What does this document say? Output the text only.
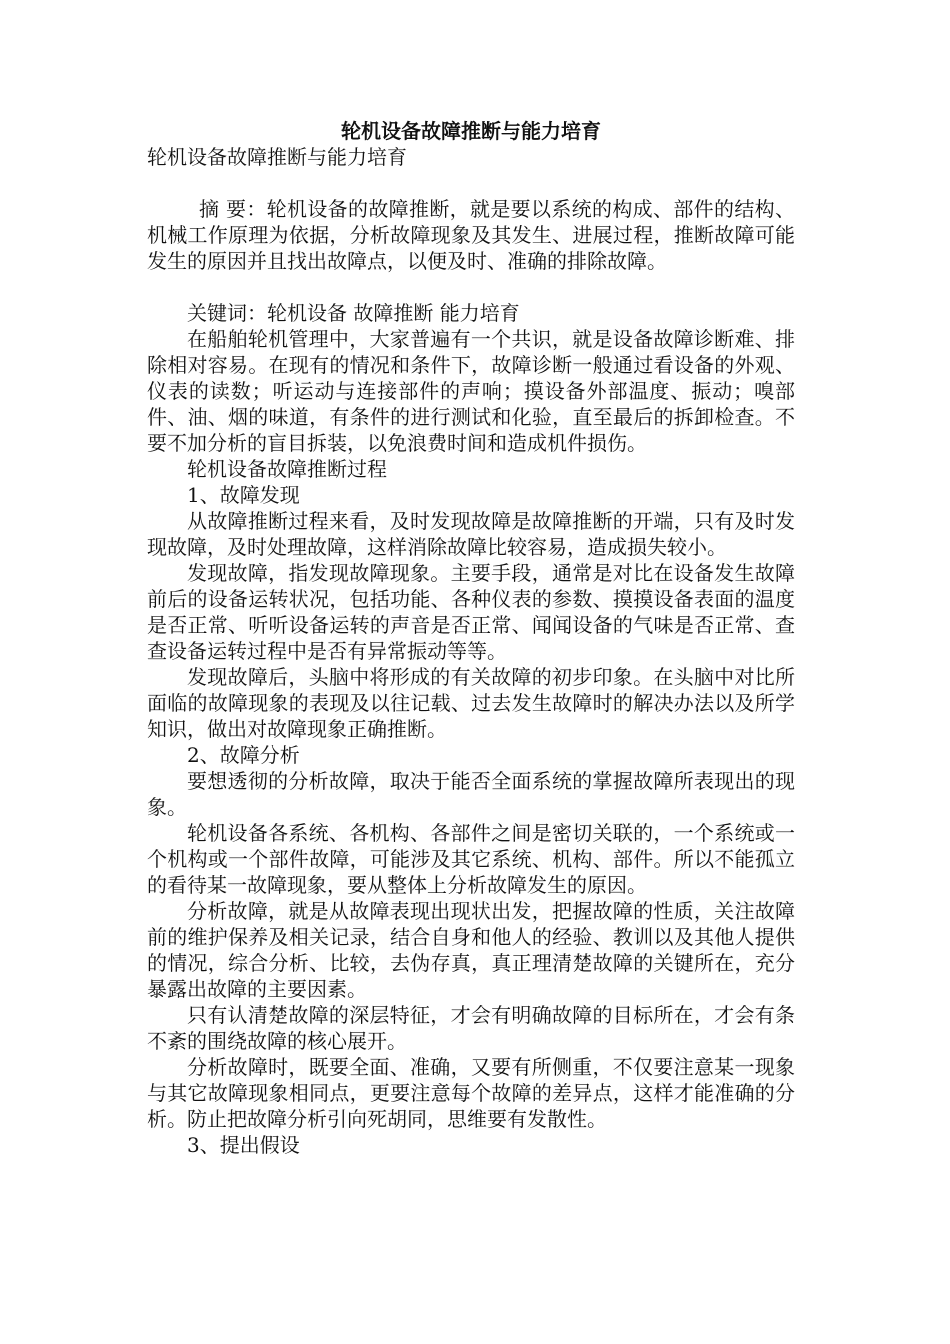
轮机设备故障推断与能力培育

轮机设备故障推断与能力培育

摘 要：轮机设备的故障推断，就是要以系统的构成、部件的结构、机械工作原理为依据，分析故障现象及其发生、进展过程，推断故障可能发生的原因并且找出故障点，以便及时、准确的排除故障。

关键词：轮机设备 故障推断 能力培育

在船舶轮机管理中，大家普遍有一个共识，就是设备故障诊断难、排除相对容易。在现有的情况和条件下，故障诊断一般通过看设备的外观、仪表的读数；听运动与连接部件的声响；摸设备外部温度、振动；嗅部件、油、烟的味道，有条件的进行测试和化验，直至最后的拆卸检查。不要不加分析的盲目拆装，以免浪费时间和造成机件损伤。

轮机设备故障推断过程

1、故障发现

从故障推断过程来看，及时发现故障是故障推断的开端，只有及时发现故障，及时处理故障，这样消除故障比较容易，造成损失较小。

发现故障，指发现故障现象。主要手段，通常是对比在设备发生故障前后的设备运转状况，包括功能、各种仪表的参数、摸摸设备表面的温度是否正常、听听设备运转的声音是否正常、闻闻设备的气味是否正常、查查设备运转过程中是否有异常振动等等。

发现故障后，头脑中将形成的有关故障的初步印象。在头脑中对比所面临的故障现象的表现及以往记载、过去发生故障时的解决办法以及所学知识，做出对故障现象正确推断。

2、故障分析

要想透彻的分析故障，取决于能否全面系统的掌握故障所表现出的现象。

轮机设备各系统、各机构、各部件之间是密切关联的，一个系统或一个机构或一个部件故障，可能涉及其它系统、机构、部件。所以不能孤立的看待某一故障现象，要从整体上分析故障发生的原因。

分析故障，就是从故障表现出现状出发，把握故障的性质，关注故障前的维护保养及相关记录，结合自身和他人的经验、教训以及其他人提供的情况，综合分析、比较，去伪存真，真正理清楚故障的关键所在，充分暴露出故障的主要因素。

只有认清楚故障的深层特征，才会有明确故障的目标所在，才会有条不紊的围绕故障的核心展开。

分析故障时，既要全面、准确，又要有所侧重，不仅要注意某一现象与其它故障现象相同点，更要注意每个故障的差异点，这样才能准确的分析。防止把故障分析引向死胡同，思维要有发散性。

3、提出假设
